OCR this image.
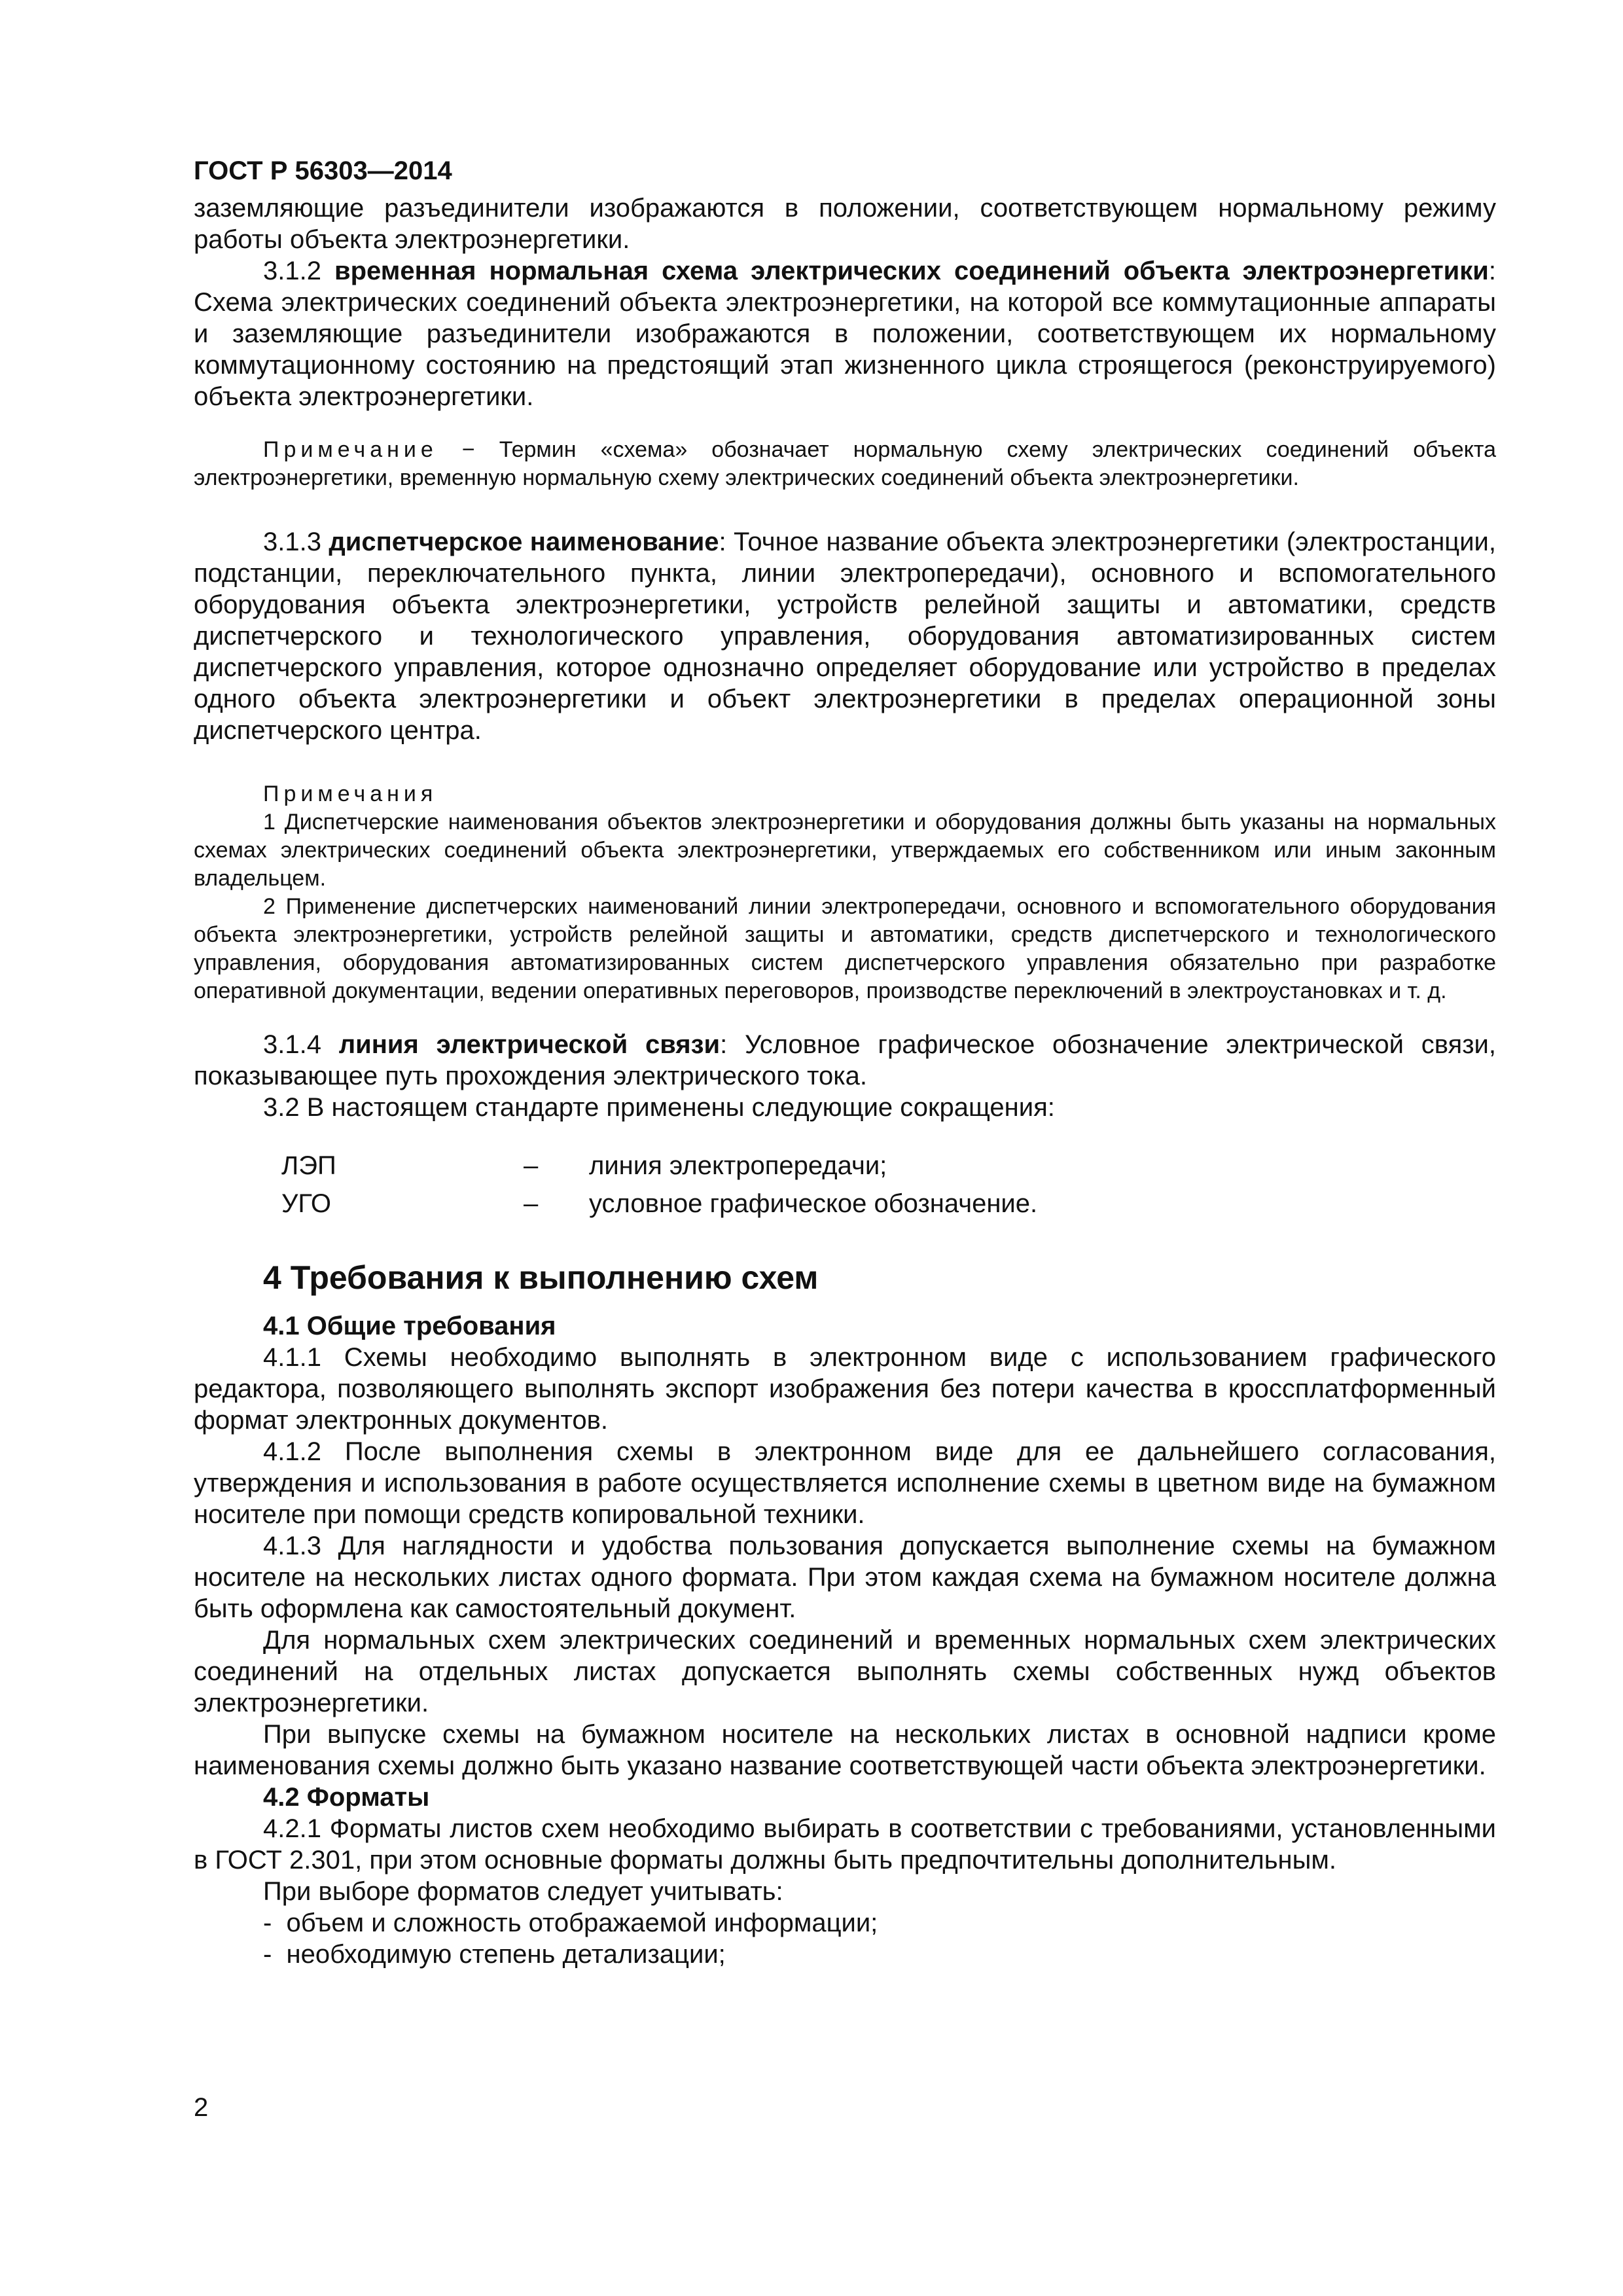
ГОСТ Р 56303—2014

заземляющие разъединители изображаются в положении, соответствующем нормальному режиму работы объекта электроэнергетики.

3.1.2 временная нормальная схема электрических соединений объекта электроэнергетики: Схема электрических соединений объекта электроэнергетики, на которой все коммутационные аппараты и заземляющие разъединители изображаются в положении, соответствующем их нормальному коммутационному состоянию на предстоящий этап жизненного цикла строящегося (реконструируемого) объекта электроэнергетики.

Примечание − Термин «схема» обозначает нормальную схему электрических соединений объекта электроэнергетики, временную нормальную схему электрических соединений объекта электроэнергетики.

3.1.3 диспетчерское наименование: Точное название объекта электроэнергетики (электростанции, подстанции, переключательного пункта, линии электропередачи), основного и вспомогательного оборудования объекта электроэнергетики, устройств релейной защиты и автоматики, средств диспетчерского и технологического управления, оборудования автоматизированных систем диспетчерского управления, которое однозначно определяет оборудование или устройство в пределах одного объекта электроэнергетики и объект электроэнергетики в пределах операционной зоны диспетчерского центра.

Примечания

1 Диспетчерские наименования объектов электроэнергетики и оборудования должны быть указаны на нормальных схемах электрических соединений объекта электроэнергетики, утверждаемых его собственником или иным законным владельцем.

2 Применение диспетчерских наименований линии электропередачи, основного и вспомогательного оборудования объекта электроэнергетики, устройств релейной защиты и автоматики, средств диспетчерского и технологического управления, оборудования автоматизированных систем диспетчерского управления обязательно при разработке оперативной документации, ведении оперативных переговоров, производстве переключений в электроустановках и т. д.

3.1.4 линия электрической связи: Условное графическое обозначение электрической связи, показывающее путь прохождения электрического тока.

3.2 В настоящем стандарте применены следующие сокращения:

ЛЭП	–	линия электропередачи;
УГО	–	условное графическое обозначение.
4 Требования к выполнению схем
4.1 Общие требования

4.1.1 Схемы необходимо выполнять в электронном виде с использованием графического редактора, позволяющего выполнять экспорт изображения без потери качества в кроссплатформенный формат электронных документов.

4.1.2 После выполнения схемы в электронном виде для ее дальнейшего согласования, утверждения и использования в работе осуществляется исполнение схемы в цветном виде на бумажном носителе при помощи средств копировальной техники.

4.1.3 Для наглядности и удобства пользования допускается выполнение схемы на бумажном носителе на нескольких листах одного формата. При этом каждая схема на бумажном носителе должна быть оформлена как самостоятельный документ.

Для нормальных схем электрических соединений и временных нормальных схем электрических соединений на отдельных листах допускается выполнять схемы собственных нужд объектов электроэнергетики.

При выпуске схемы на бумажном носителе на нескольких листах в основной надписи кроме наименования схемы должно быть указано название соответствующей части объекта электроэнергетики.

4.2 Форматы

4.2.1 Форматы листов схем необходимо выбирать в соответствии с требованиями, установленными в ГОСТ 2.301, при этом основные форматы должны быть предпочтительны дополнительным.

При выборе форматов следует учитывать:

- объем и сложность отображаемой информации;
- необходимую степень детализации;
2
